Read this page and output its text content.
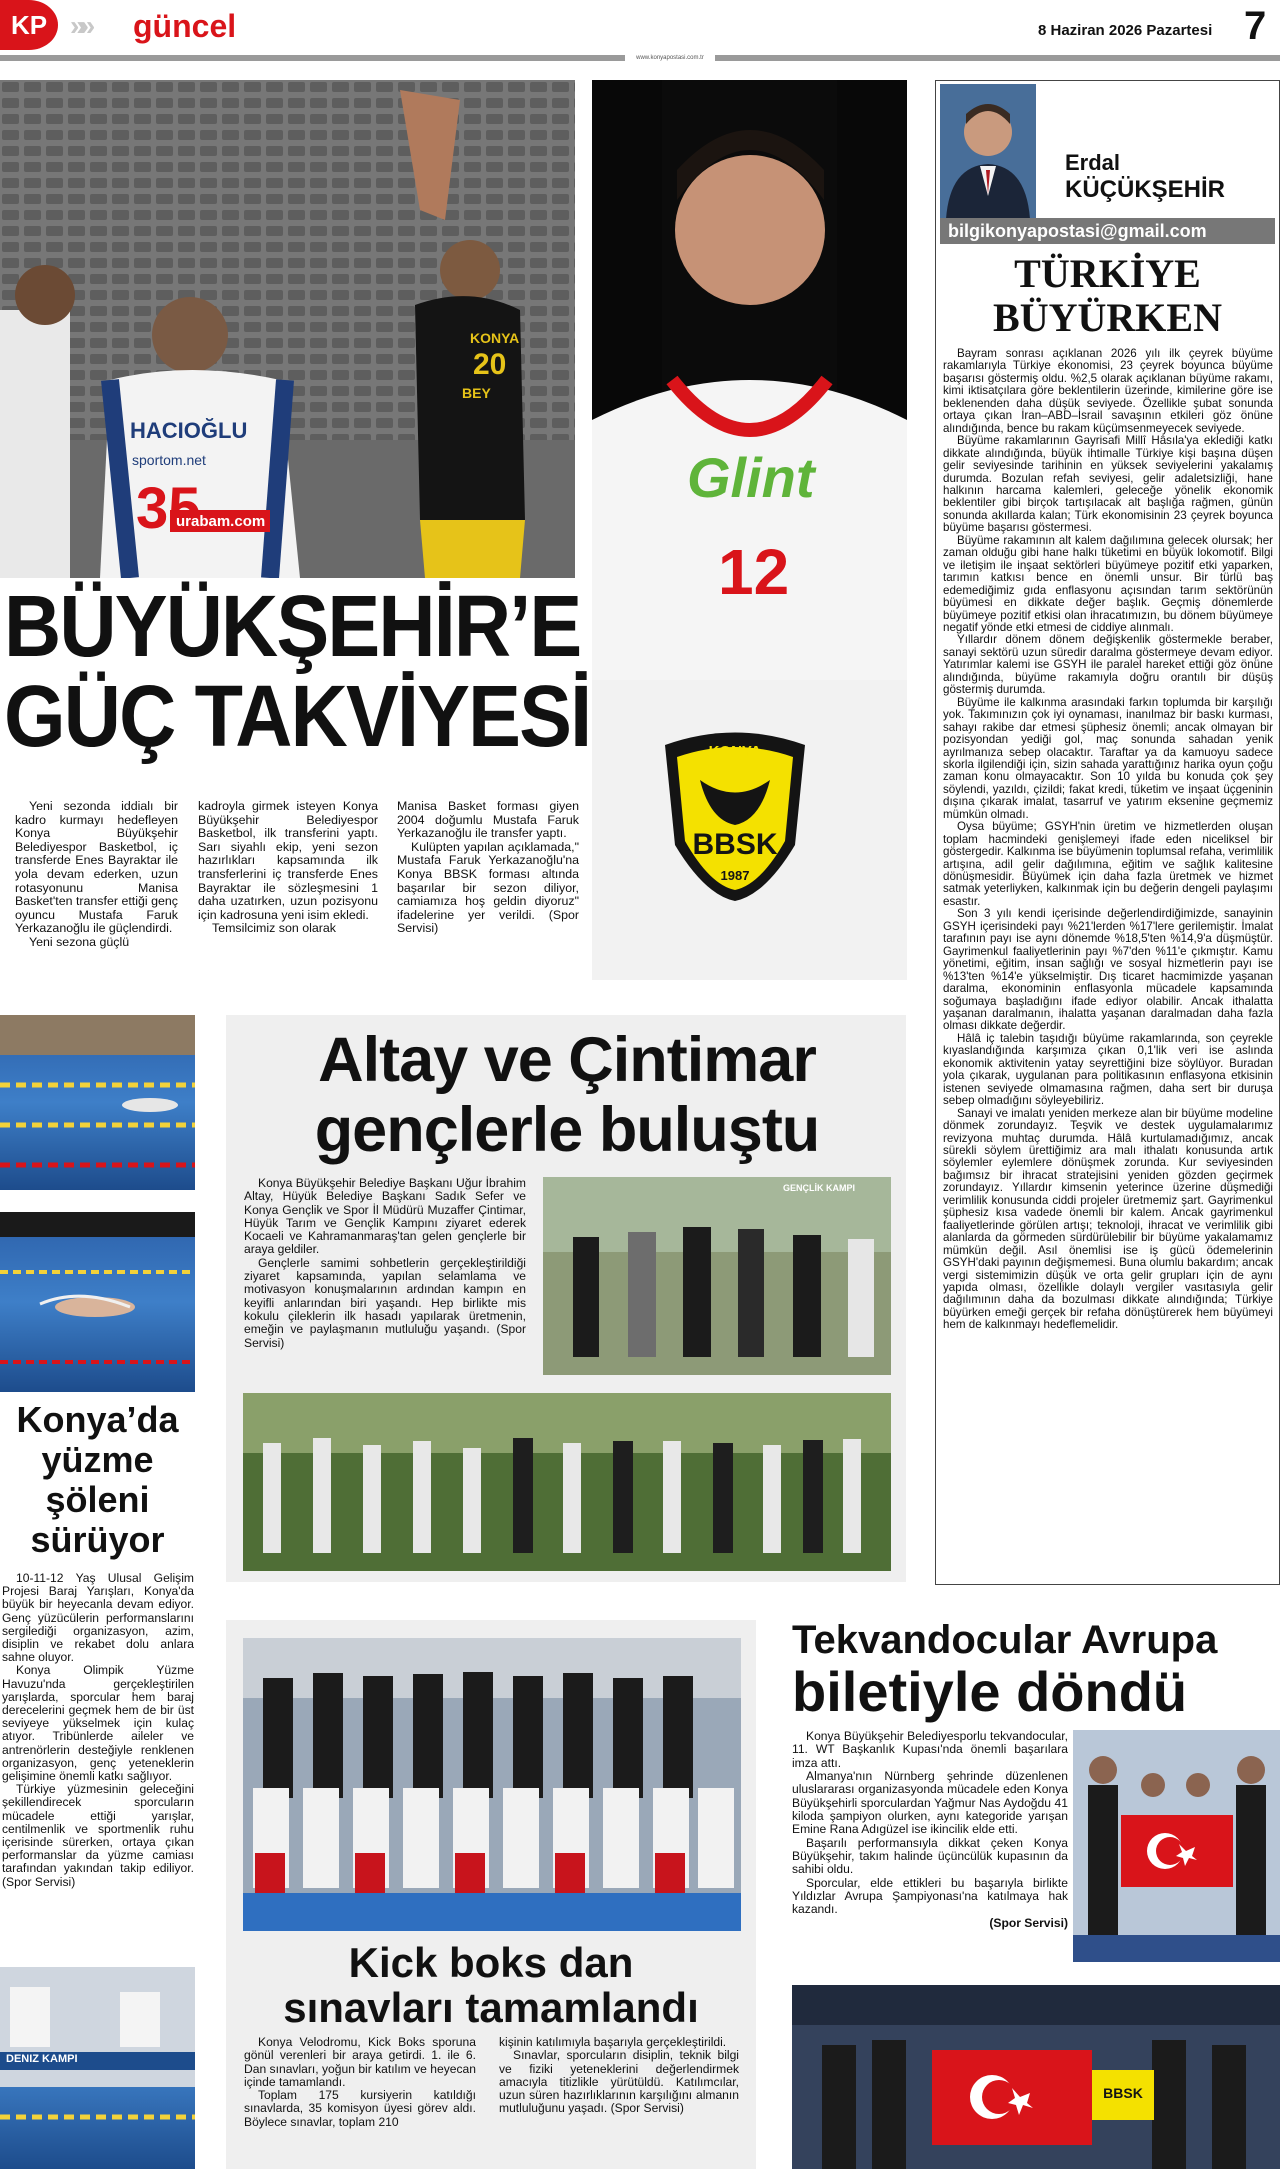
KP »» güncel	8 Haziran 2026 Pazartesi 7
www.konyapostasi.com.tr
HACIOĞLU
sportom.net
35
urabam.com
KONYA
20
BEY
Glint
12
KONYA
BBSK
1987
BÜYÜKŞEHİR’E
GÜÇ TAKVİYESİ

Yeni sezonda iddialı bir kadro kurmayı hedefleyen Konya Büyükşehir Belediyespor Basketbol, iç transferde Enes Bayraktar ile yola devam ederken, uzun rotasyonunu Manisa Basket'ten transfer ettiği genç oyuncu Mustafa Faruk Yerkazanoğlu ile güçlendirdi.

Yeni sezona güçlü

kadroyla girmek isteyen Konya Büyükşehir Belediyespor Basketbol, ilk transferini yaptı. Sarı siyahlı ekip, yeni sezon hazırlıkları kapsamında ilk transferlerini iç transferde Enes Bayraktar ile sözleşmesini 1 daha uzatırken, uzun pozisyonu için kadrosuna yeni isim ekledi.

Temsilcimiz son olarak

Manisa Basket forması giyen 2004 doğumlu Mustafa Faruk Yerkazanoğlu ile transfer yaptı.

Kulüpten yapılan açıklamada," Mustafa Faruk Yerkazanoğlu'na Konya BBSK forması altında başarılar bir sezon diliyor, camiamıza hoş geldin diyoruz" ifadelerine yer verildi. (Spor Servisi)

Erdal
KÜÇÜKŞEHİR
bilgikonyapostasi@gmail.com
TÜRKİYE
BÜYÜRKEN

Bayram sonrası açıklanan 2026 yılı ilk çeyrek büyüme rakamlarıyla Türkiye ekonomisi, 23 çeyrek boyunca büyüme başarısı göstermiş oldu. %2,5 olarak açıklanan büyüme rakamı, kimi iktisatçılara göre beklentilerin üzerinde, kimilerine göre ise beklenenden daha düşük seviyede. Özellikle şubat sonunda ortaya çıkan İran–ABD–İsrail savaşının etkileri göz önüne alındığında, bence bu rakam küçümsenmeyecek seviyede.

Büyüme rakamlarının Gayrisafi Millî Hâsıla'ya eklediği katkı dikkate alındığında, büyük ihtimalle Türkiye kişi başına düşen gelir seviyesinde tarihinin en yüksek seviyelerini yakalamış durumda. Bozulan refah seviyesi, gelir adaletsizliği, hane halkının harcama kalemleri, geleceğe yönelik ekonomik beklentiler gibi birçok tartışılacak alt başlığa rağmen, günün sonunda akıllarda kalan; Türk ekonomisinin 23 çeyrek boyunca büyüme başarısı göstermesi.

Büyüme rakamının alt kalem dağılımına gelecek olursak; her zaman olduğu gibi hane halkı tüketimi en büyük lokomotif. Bilgi ve iletişim ile inşaat sektörleri büyümeye pozitif etki yaparken, tarımın katkısı bence en önemli unsur. Bir türlü baş edemediğimiz gıda enflasyonu açısından tarım sektörünün büyümesi en dikkate değer başlık. Geçmiş dönemlerde büyümeye pozitif etkisi olan ihracatımızın, bu dönem büyümeye negatif yönde etki etmesi de ciddiye alınmalı.

Yıllardır dönem dönem değişkenlik göstermekle beraber, sanayi sektörü uzun süredir daralma göstermeye devam ediyor. Yatırımlar kalemi ise GSYH ile paralel hareket ettiği göz önüne alındığında, büyüme rakamıyla doğru orantılı bir düşüş göstermiş durumda.

Büyüme ile kalkınma arasındaki farkın toplumda bir karşılığı yok. Takımınızın çok iyi oynaması, inanılmaz bir baskı kurması, sahayı rakibe dar etmesi şüphesiz önemli; ancak olmayan bir pozisyondan yediği gol, maç sonunda sahadan yenik ayrılmanıza sebep olacaktır. Taraftar ya da kamuoyu sadece skorla ilgilendiği için, sizin sahada yarattığınız harika oyun çoğu zaman konu olmayacaktır. Son 10 yılda bu konuda çok şey söylendi, yazıldı, çizildi; fakat kredi, tüketim ve inşaat üçgeninin dışına çıkarak imalat, tasarruf ve yatırım eksenine geçmemiz mümkün olmadı.

Oysa büyüme; GSYH'nin üretim ve hizmetlerden oluşan toplam hacmindeki genişlemeyi ifade eden niceliksel bir göstergedir. Kalkınma ise büyümenin toplumsal refaha, verimlilik artışına, adil gelir dağılımına, eğitim ve sağlık kalitesine dönüşmesidir. Büyümek için daha fazla üretmek ve hizmet satmak yeterliyken, kalkınmak için bu değerin dengeli paylaşımı esastır.

Son 3 yılı kendi içerisinde değerlendirdiğimizde, sanayinin GSYH içerisindeki payı %21'lerden %17'lere gerilemiştir. İmalat tarafının payı ise aynı dönemde %18,5'ten %14,9'a düşmüştür. Gayrimenkul faaliyetlerinin payı %7'den %11'e çıkmıştır. Kamu yönetimi, eğitim, insan sağlığı ve sosyal hizmetlerin payı ise %13'ten %14'e yükselmiştir. Dış ticaret hacmimizde yaşanan daralma, ekonominin enflasyonla mücadele kapsamında soğumaya başladığını ifade ediyor olabilir. Ancak ithalatta yaşanan daralmanın, ihalatta yaşanan daralmadan daha fazla olması dikkate değerdir.

Hâlâ iç talebin taşıdığı büyüme rakamlarında, son çeyrekle kıyaslandığında karşımıza çıkan 0,1'lik veri ise aslında ekonomik aktivitenin yatay seyrettiğini bize söylüyor. Buradan yola çıkarak, uygulanan para politikasının enflasyona etkisinin istenen seviyede olmamasına rağmen, daha sert bir duruşa sebep olmadığını söyleyebiliriz.

Sanayi ve imalatı yeniden merkeze alan bir büyüme modeline dönmek zorundayız. Teşvik ve destek uygulamalarımız revizyona muhtaç durumda. Hâlâ kurtulamadığımız, ancak sürekli söylem ürettiğimiz ara malı ithalatı konusunda artık söylemler eylemlere dönüşmek zorunda. Kur seviyesinden bağımsız bir ihracat stratejisini yeniden gözden geçirmek zorundayız. Yıllardır kimsenin yeterince üzerine düşmediği verimlilik konusunda ciddi projeler üretmemiz şart. Gayrimenkul şüphesiz kısa vadede önemli bir kalem. Ancak gayrimenkul faaliyetlerinde görülen artışı; teknoloji, ihracat ve verimlilik gibi alanlarda da görmeden sürdürülebilir bir büyüme yakalamamız mümkün değil. Asıl önemlisi ise iş gücü ödemelerinin GSYH'daki payının değişmemesi. Buna olumlu bakardım; ancak vergi sistemimizin düşük ve orta gelir grupları için de aynı yapıda olması, özellikle dolaylı vergiler vasıtasıyla gelir dağılımının daha da bozulması dikkate alındığında; Türkiye büyürken emeği gerçek bir refaha dönüştürerek hem büyümeyi hem de kalkınmayı hedeflemelidir.

Konya’da yüzme şöleni sürüyor

10-11-12 Yaş Ulusal Gelişim Projesi Baraj Yarışları, Konya'da büyük bir heyecanla devam ediyor. Genç yüzücülerin performanslarını sergilediği organizasyon, azim, disiplin ve rekabet dolu anlara sahne oluyor.

Konya Olimpik Yüzme Havuzu'nda gerçekleştirilen yarışlarda, sporcular hem baraj derecelerini geçmek hem de bir üst seviyeye yükselmek için kulaç atıyor. Tribünlerde aileler ve antrenörlerin desteğiyle renklenen organizasyon, genç yeteneklerin gelişimine önemli katkı sağlıyor.

Türkiye yüzmesinin geleceğini şekillendirecek sporcuların mücadele ettiği yarışlar, centilmenlik ve sportmenlik ruhu içerisinde sürerken, ortaya çıkan performanslar da yüzme camiası tarafından yakından takip ediliyor. (Spor Servisi)

DENIZ KAMPI
Altay ve Çintimar
gençlerle buluştu

Konya Büyükşehir Belediye Başkanı Uğur İbrahim Altay, Hüyük Belediye Başkanı Sadık Sefer ve Konya Gençlik ve Spor İl Müdürü Muzaffer Çintimar, Hüyük Tarım ve Gençlik Kampını ziyaret ederek Kocaeli ve Kahramanmaraş'tan gelen gençlerle bir araya geldiler.

Gençlerle samimi sohbetlerin gerçekleştirildiği ziyaret kapsamında, yapılan selamlama ve motivasyon konuşmalarının ardından kampın en keyifli anlarından biri yaşandı. Hep birlikte mis kokulu çileklerin ilk hasadı yapılarak üretmenin, emeğin ve paylaşmanın mutluluğu yaşandı. (Spor Servisi)

GENÇLİK KAMPI
Kick boks dan
sınavları tamamlandı

Konya Velodromu, Kick Boks sporuna gönül verenleri bir araya getirdi. 1. ile 6. Dan sınavları, yoğun bir katılım ve heyecan içinde tamamlandı.

Toplam 175 kursiyerin katıldığı sınavlarda, 35 komisyon üyesi görev aldı. Böylece sınavlar, toplam 210

kişinin katılımıyla başarıyla gerçekleştirildi.

Sınavlar, sporcuların disiplin, teknik bilgi ve fiziki yeteneklerini değerlendirmek amacıyla titizlikle yürütüldü. Katılımcılar, uzun süren hazırlıklarının karşılığını almanın mutluluğunu yaşadı. (Spor Servisi)

Tekvandocular Avrupa
biletiyle döndü

Konya Büyükşehir Belediyesporlu tekvandocular, 11. WT Başkanlık Kupası'nda önemli başarılara imza attı.

Almanya'nın Nürnberg şehrinde düzenlenen uluslararası organizasyonda mücadele eden Konya Büyükşehirli sporculardan Yağmur Nas Aydoğdu 41 kiloda şampiyon olurken, aynı kategoride yarışan Emine Rana Adıgüzel ise ikincilik elde etti.

Başarılı performansıyla dikkat çeken Konya Büyükşehir, takım halinde üçüncülük kupasının da sahibi oldu.

Sporcular, elde ettikleri bu başarıyla birlikte Yıldızlar Avrupa Şampiyonası'na katılmaya hak kazandı.

(Spor Servisi)

BBSK
